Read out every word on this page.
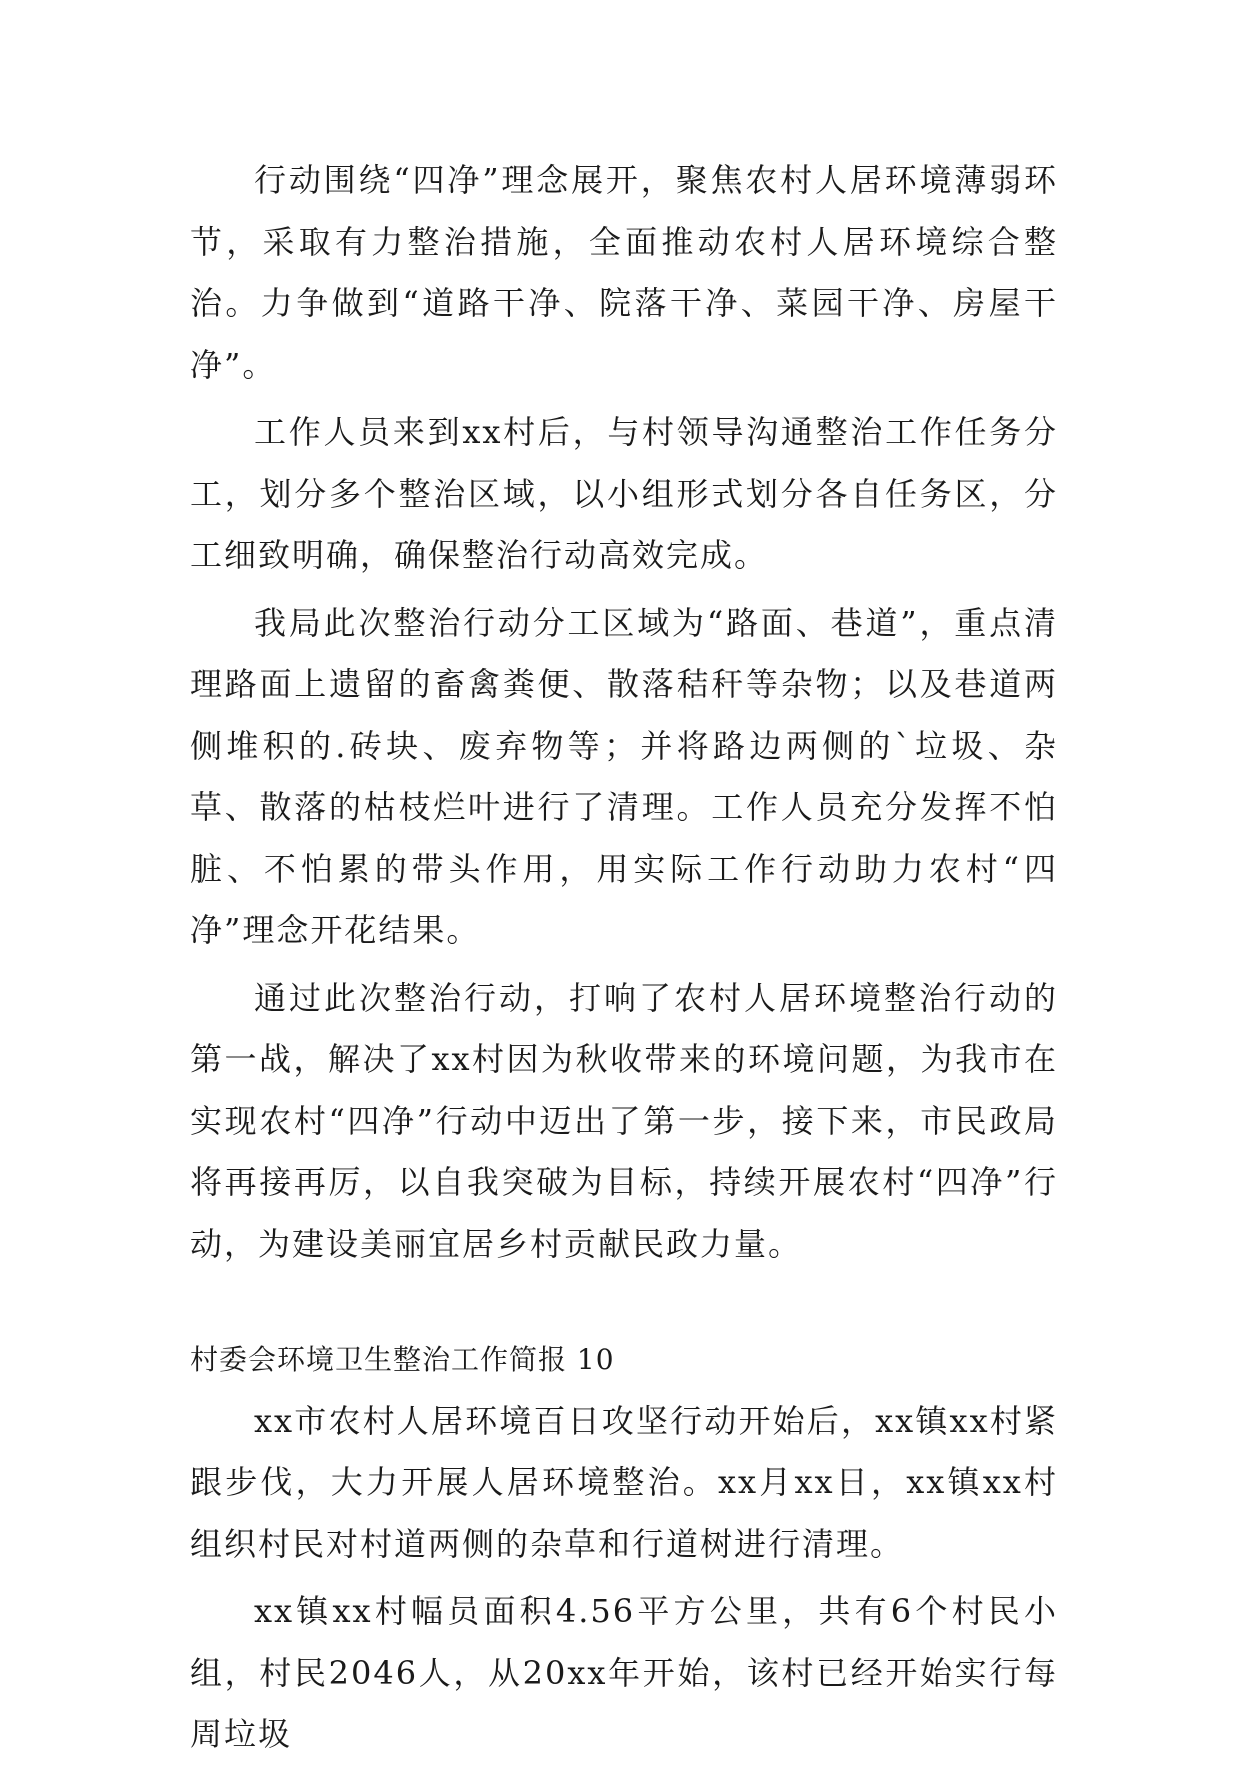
行动围绕“四净”理念展开，聚焦农村人居环境薄弱环节，采取有力整治措施，全面推动农村人居环境综合整治。力争做到“道路干净、院落干净、菜园干净、房屋干净”。

工作人员来到xx村后，与村领导沟通整治工作任务分工，划分多个整治区域，以小组形式划分各自任务区，分工细致明确，确保整治行动高效完成。

我局此次整治行动分工区域为“路面、巷道”，重点清理路面上遗留的畜禽粪便、散落秸秆等杂物；以及巷道两侧堆积的.砖块、废弃物等；并将路边两侧的`垃圾、杂草、散落的枯枝烂叶进行了清理。工作人员充分发挥不怕脏、不怕累的带头作用，用实际工作行动助力农村“四净”理念开花结果。

通过此次整治行动，打响了农村人居环境整治行动的第一战，解决了xx村因为秋收带来的环境问题，为我市在实现农村“四净”行动中迈出了第一步，接下来，市民政局将再接再厉，以自我突破为目标，持续开展农村“四净”行动，为建设美丽宜居乡村贡献民政力量。

村委会环境卫生整治工作简报 10

xx市农村人居环境百日攻坚行动开始后，xx镇xx村紧跟步伐，大力开展人居环境整治。xx月xx日，xx镇xx村组织村民对村道两侧的杂草和行道树进行清理。

xx镇xx村幅员面积4.56平方公里，共有6个村民小组，村民2046人，从20xx年开始，该村已经开始实行每周垃圾
